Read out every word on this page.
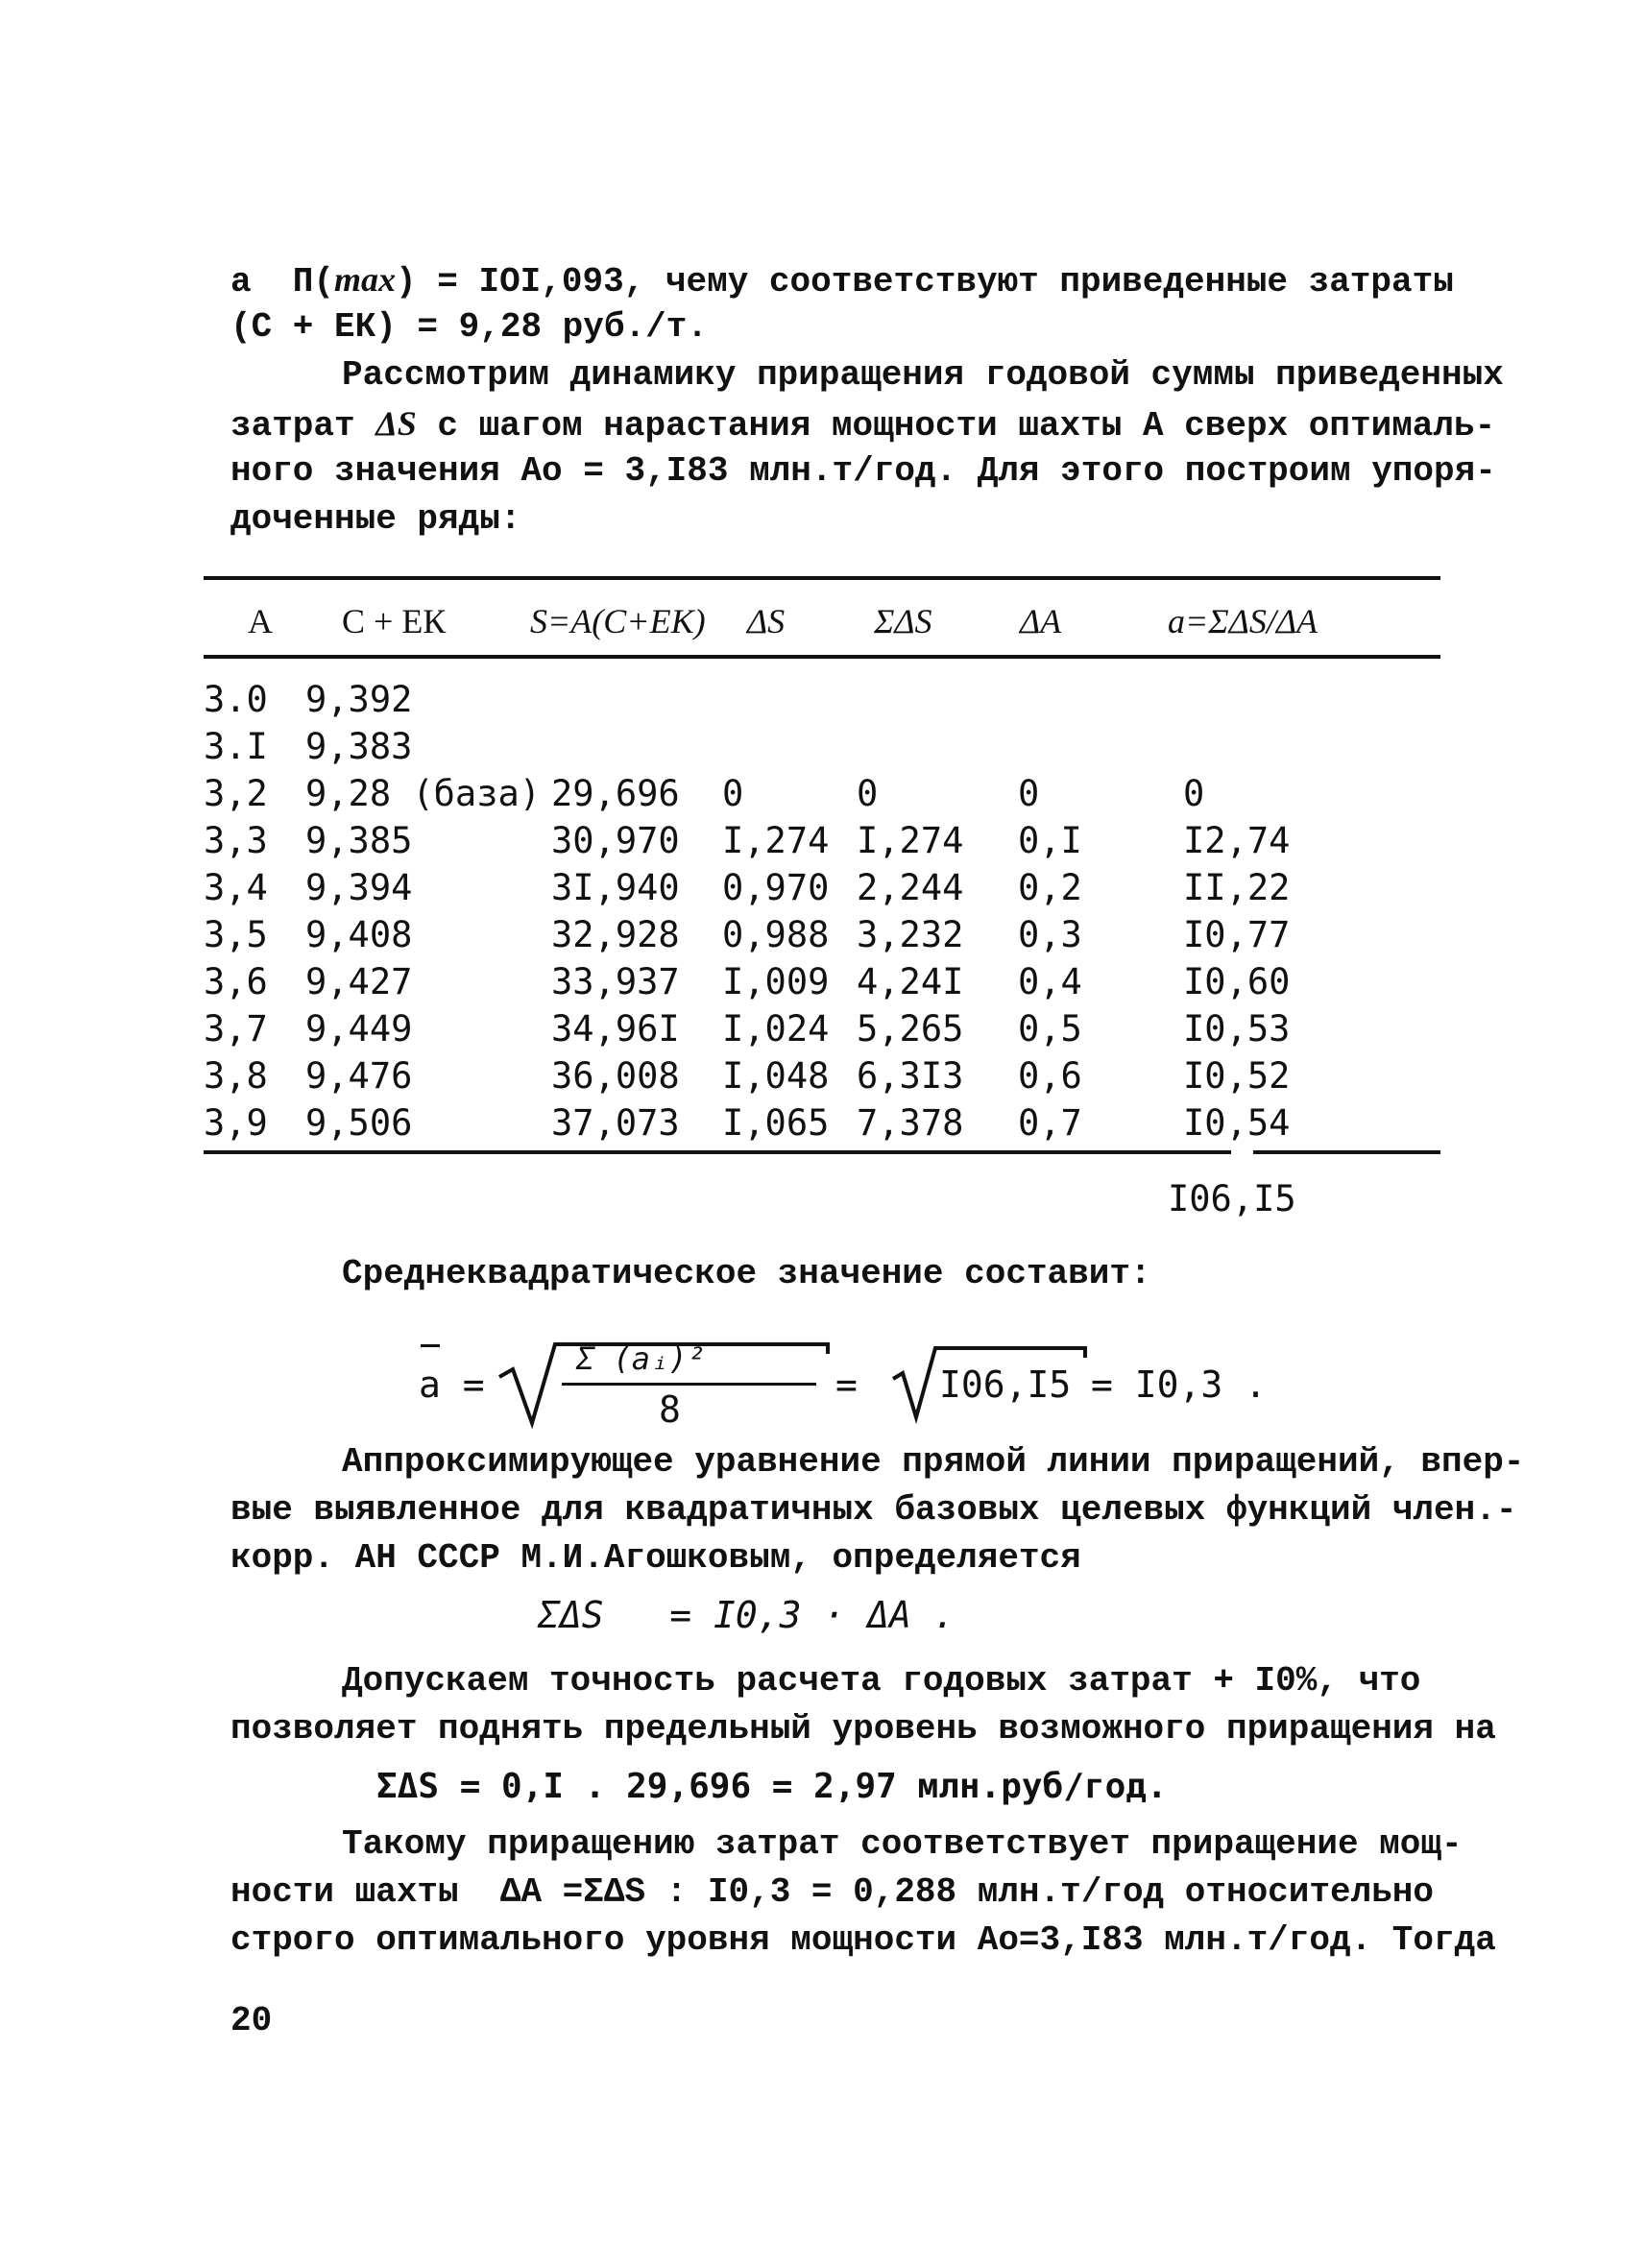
а  П(max) = IOI,093, чему соответствуют приведенные затраты
(С + ЕК) = 9,28 руб./т.
Рассмотрим динамику приращения годовой суммы приведенных
затрат ΔS с шагом нарастания мощности шахты А сверх оптималь-
ного значения Ао = 3,I83 млн.т/год. Для этого построим упоря-
доченные ряды:
А С + ЕК S=A(C+EK) ΔS	ΣΔS	ΔA	a=ΣΔS/ΔA
3.0 9,392
3.I 9,383
3,2 9,28 (база) 29,696 0	0	0	0
3,3 9,385	30,970 I,274 I,274 0,I	I2,74
3,4 9,394	3I,940 0,970 2,244 0,2	II,22
3,5 9,408	32,928 0,988 3,232 0,3	I0,77
3,6 9,427	33,937 I,009 4,24I 0,4	I0,60
3,7 9,449	34,96I I,024 5,265 0,5	I0,53
3,8 9,476	36,008 I,048 6,3I3 0,6	I0,52
3,9 9,506	37,073 I,065 7,378 0,7	I0,54
I06,I5
Среднеквадратическое значение составит:
a =
Σ (aᵢ)²
8
= I06,I5 = I0,3 .
Аппроксимирующее уравнение прямой линии приращений, впер-
вые выявленное для квадратичных базовых целевых функций член.-
корр. АН СССР М.И.Агошковым, определяется
ΣΔS   = I0,3 · ΔA .
Допускаем точность расчета годовых затрат + I0%, что
позволяет поднять предельный уровень возможного приращения на
ΣΔS = 0,I . 29,696 = 2,97 млн.руб/год.
Такому приращению затрат соответствует приращение мощ-
ности шахты  ΔA =ΣΔS : I0,3 = 0,288 млн.т/год относительно
строго оптимального уровня мощности Ао=3,I83 млн.т/год. Тогда
20
